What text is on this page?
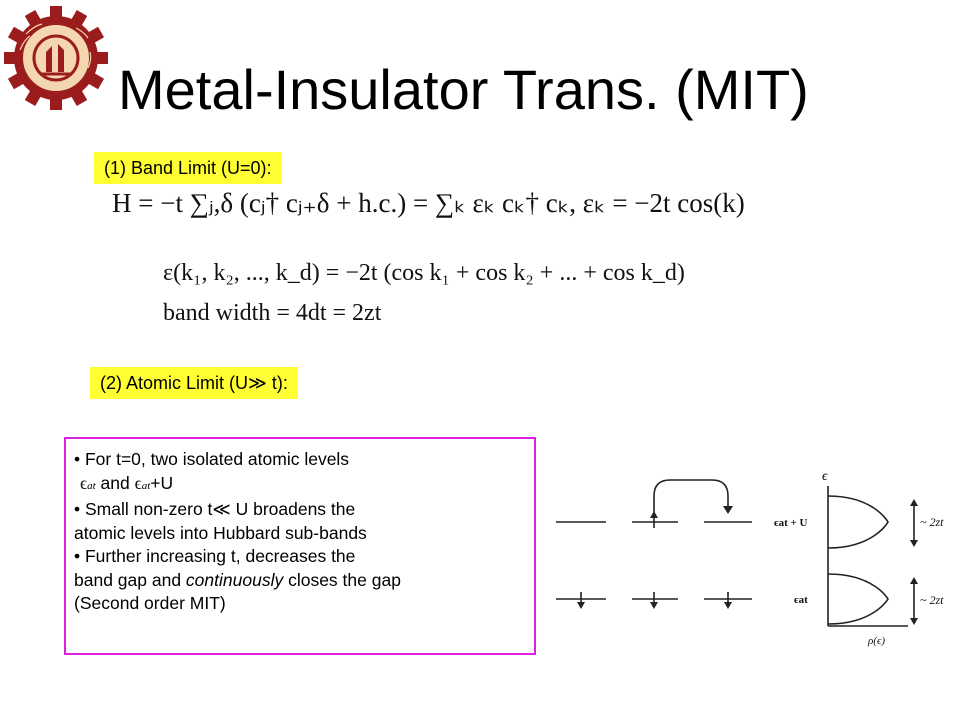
Metal-Insulator Trans. (MIT)
(1) Band Limit (U=0):
H = −t ∑ⱼ,δ (cⱼ† cⱼ₊δ + h.c.) = ∑ₖ εₖ cₖ† cₖ, εₖ = −2t cos(k)
ε(k₁, k₂, ..., k_d) = −2t (cos k₁ + cos k₂ + ... + cos k_d)
band width = 4dt = 2zt
(2) Atomic Limit (U≫ t):
• For t=0, two isolated atomic levels
ϵat and ϵat+U
• Small non-zero t≪ U broadens the
atomic levels into Hubbard sub-bands
• Further increasing t, decreases the
band gap and continuously closes the gap
(Second order MIT)
ϵ
ϵat + U
ϵat
~ 2zt
~ 2zt
ρ(ϵ)
